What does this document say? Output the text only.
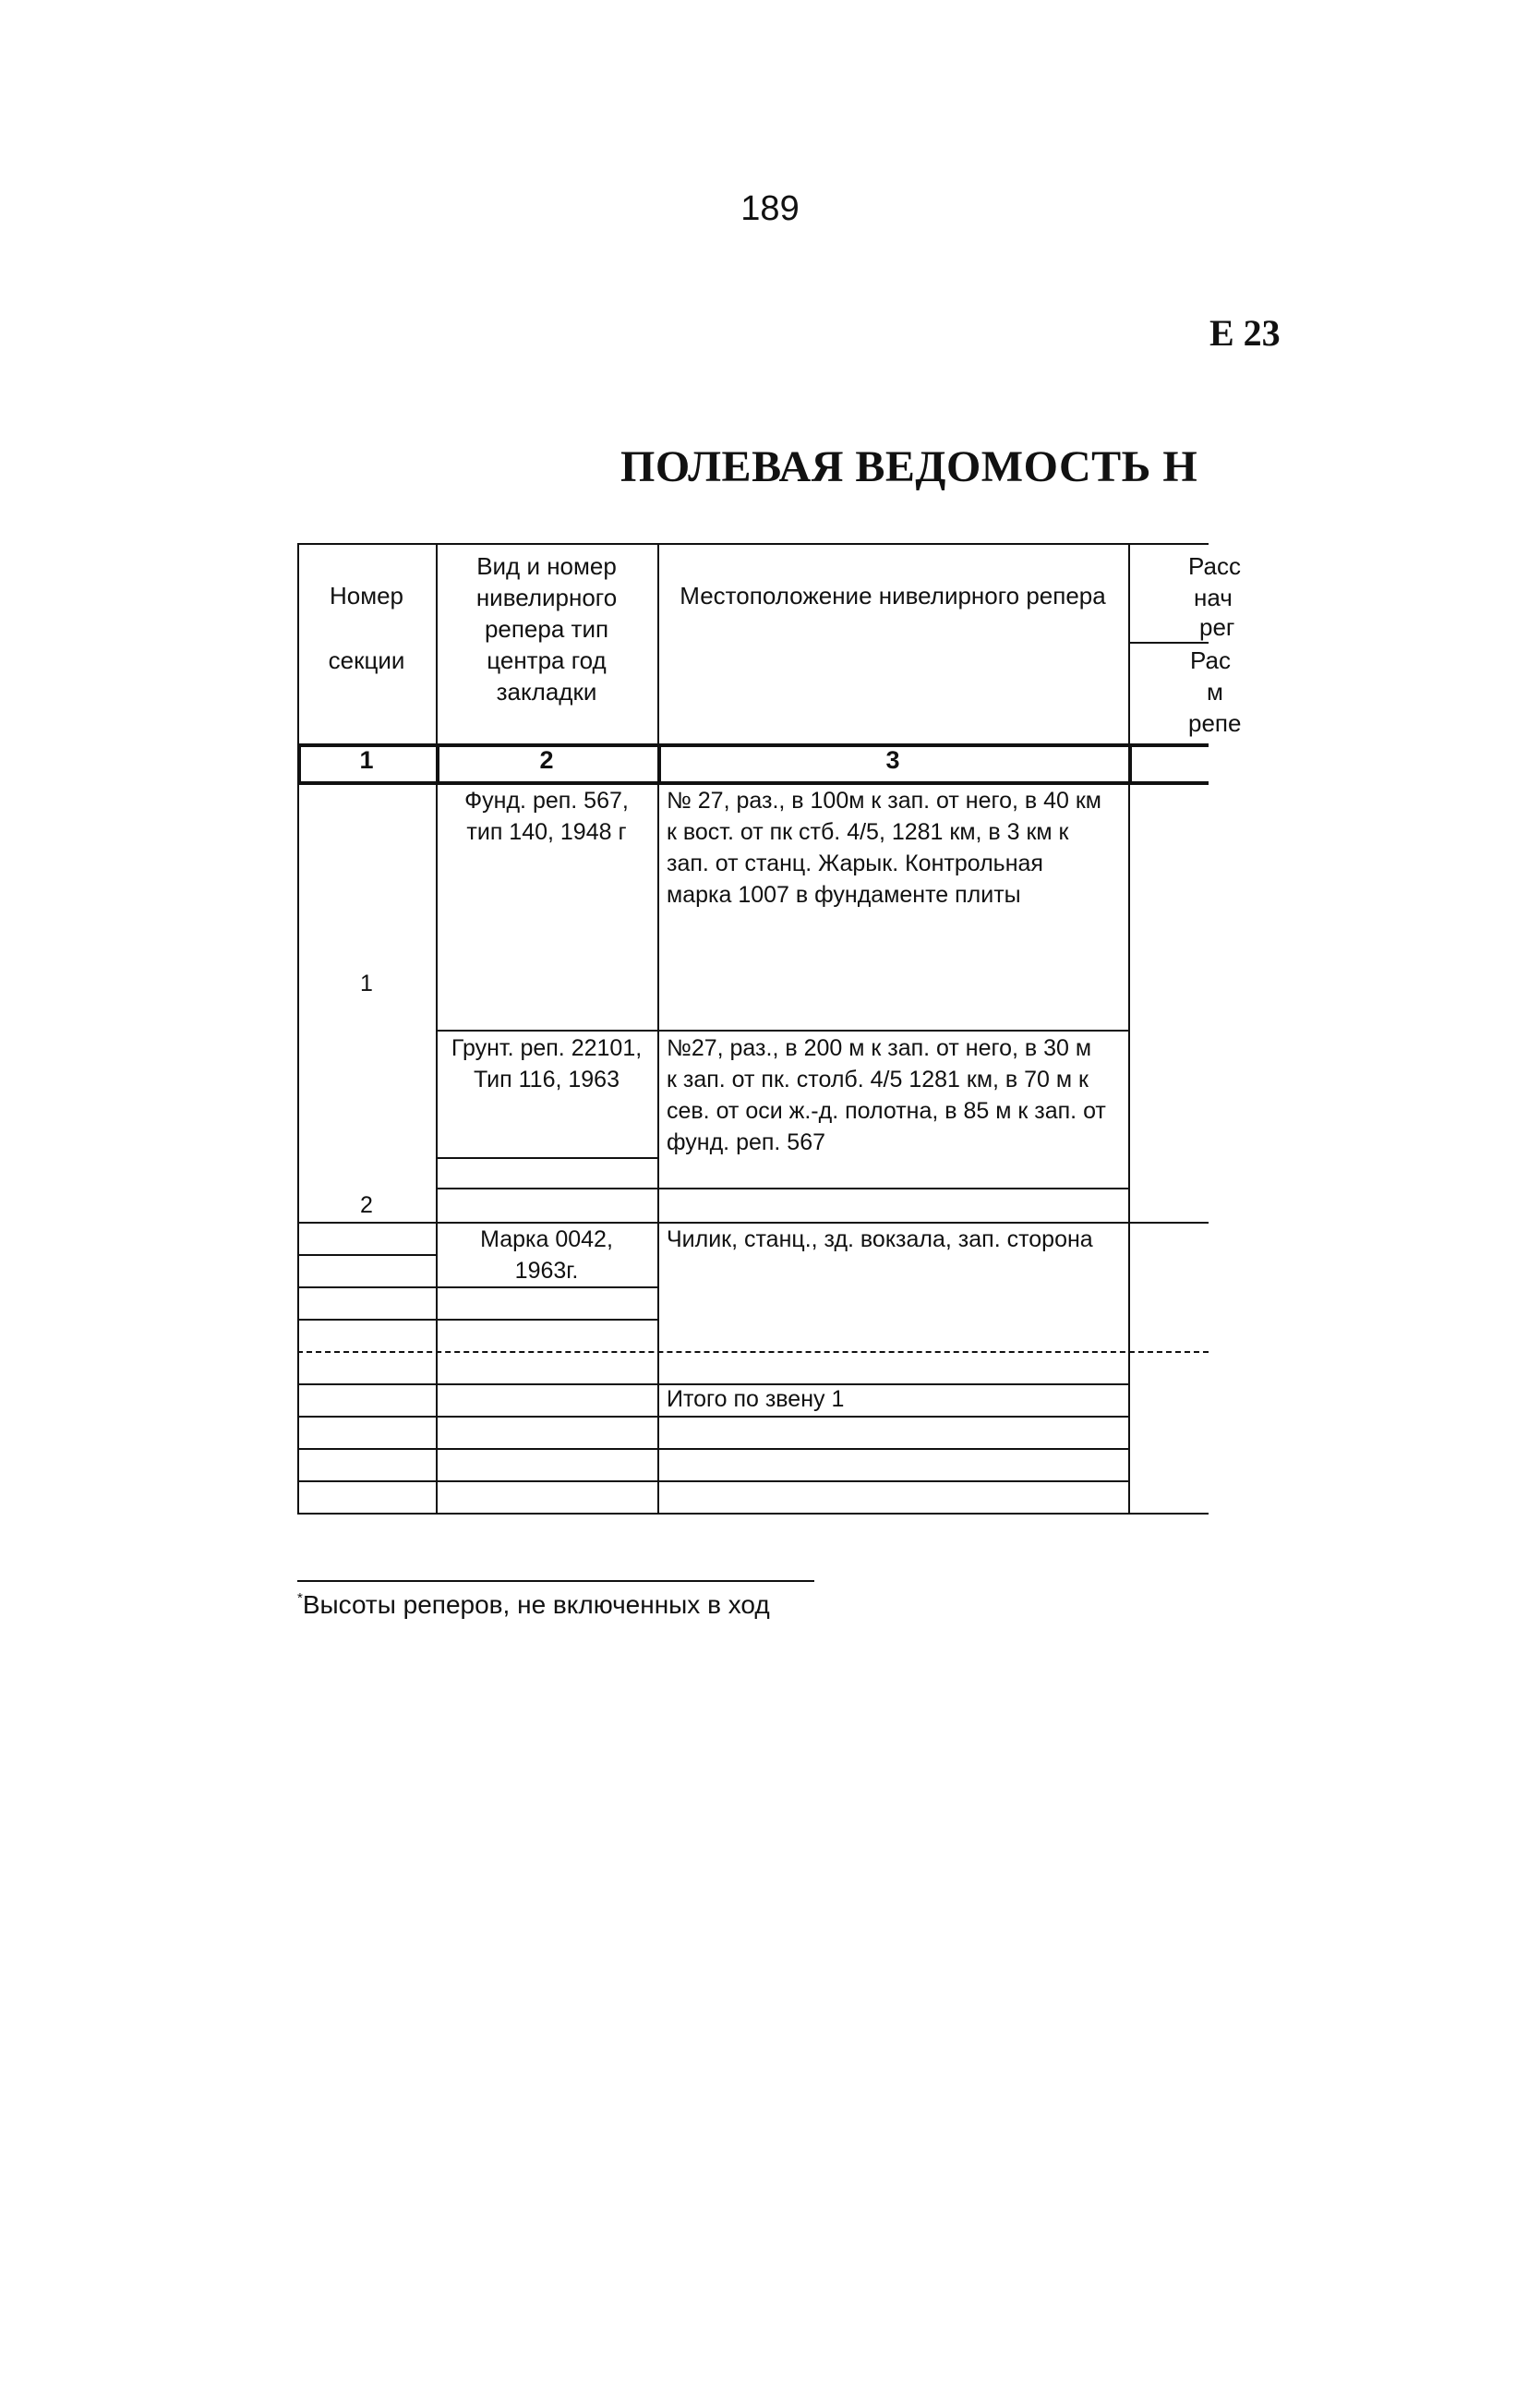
189
Е 23
ПОЛЕВАЯ ВЕДОМОСТЬ Н
Номер
секции
Вид и номер
нивелирного
репера тип
центра год
закладки
Местоположение нивелирного репера
Расс
нач
рег
Рас
м
репе
1	2	3
1
Фунд. реп. 567,
тип 140, 1948 г
№ 27, раз., в 100м к зап. от него, в 40 км
к вост. от пк стб. 4/5, 1281 км, в 3 км к
зап. от станц. Жарык. Контрольная
марка 1007 в фундаменте плиты
2
Грунт. реп. 22101,
Тип 116, 1963
№27, раз., в 200 м к зап. от него, в 30 м
к зап. от пк. столб. 4/5 1281 км, в 70 м к
сев. от оси ж.-д. полотна, в 85 м к зап. от
фунд. реп. 567
Марка 0042,
1963г.
Чилик, станц., зд. вокзала, зап. сторона
Итого по звену 1
*Высоты реперов, не включенных в ход
